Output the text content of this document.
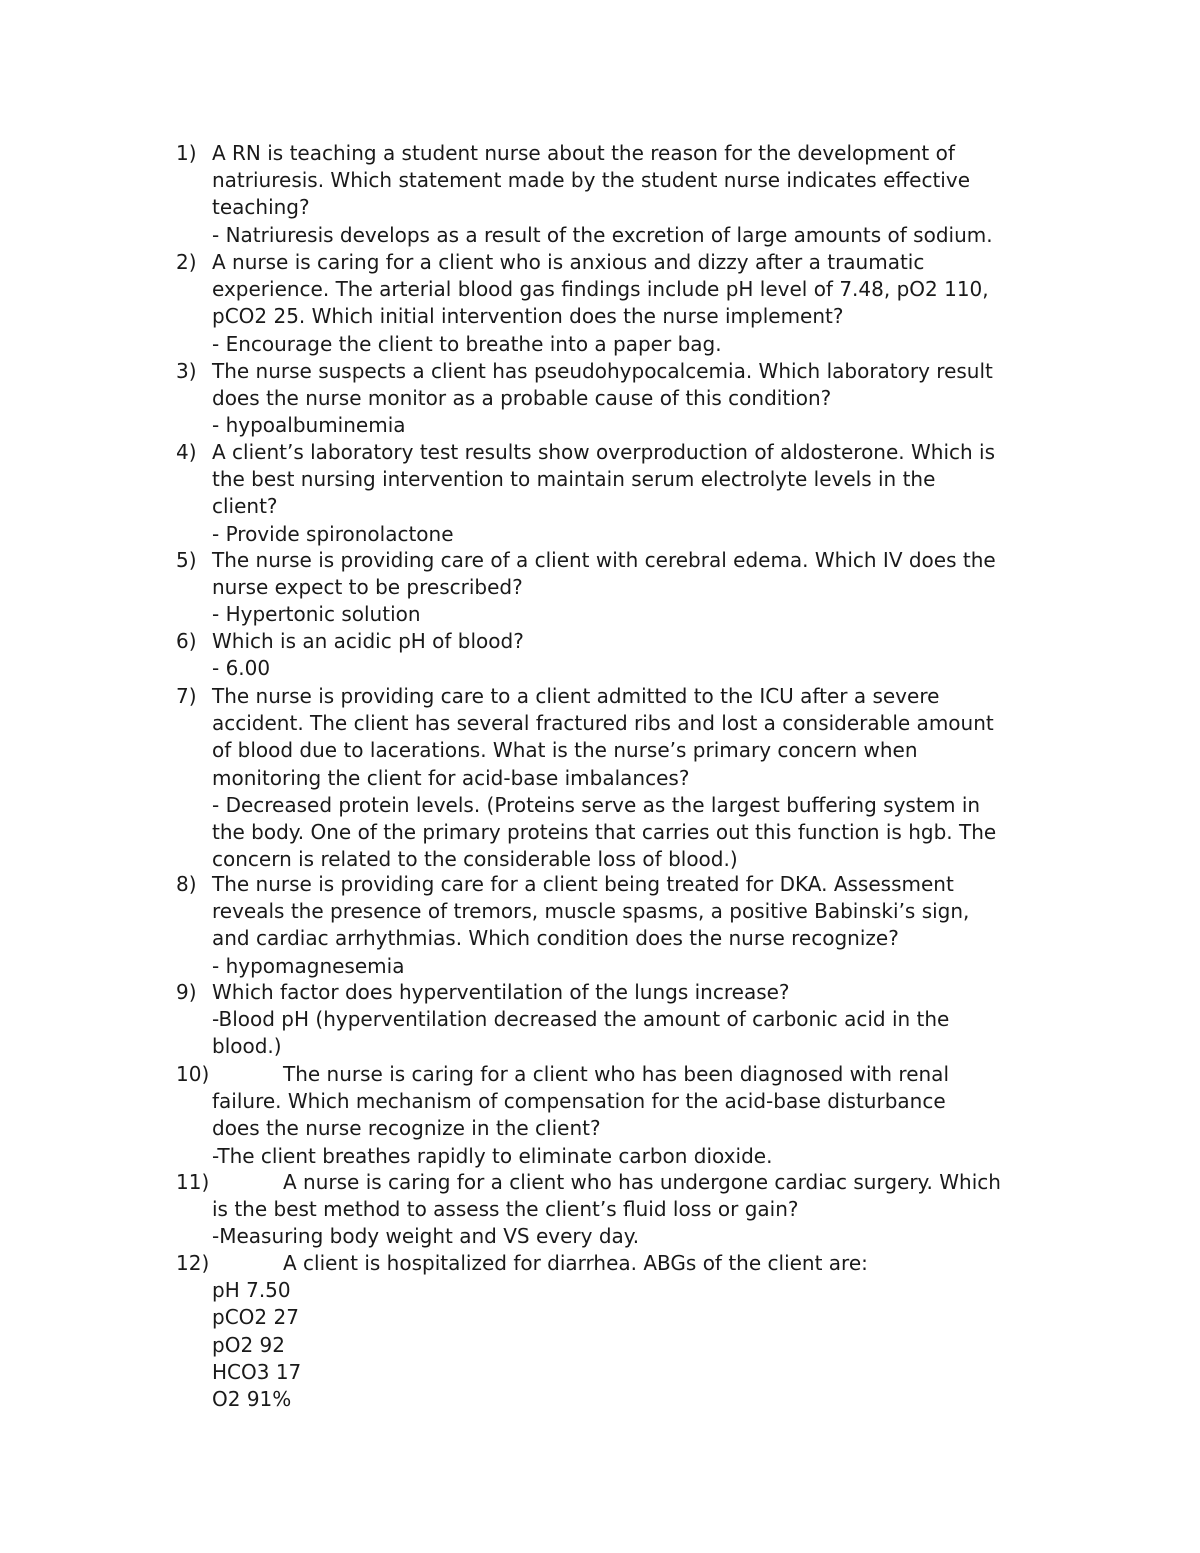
1) A RN is teaching a student nurse about the reason for the development of
natriuresis. Which statement made by the student nurse indicates effective
teaching?
- Natriuresis develops as a result of the excretion of large amounts of sodium.
2) A nurse is caring for a client who is anxious and dizzy after a traumatic
experience. The arterial blood gas findings include pH level of 7.48, pO2 110,
pCO2 25. Which initial intervention does the nurse implement?
- Encourage the client to breathe into a paper bag.
3) The nurse suspects a client has pseudohypocalcemia. Which laboratory result
does the nurse monitor as a probable cause of this condition?
- hypoalbuminemia
4) A client’s laboratory test results show overproduction of aldosterone. Which is
the best nursing intervention to maintain serum electrolyte levels in the
client?
- Provide spironolactone
5) The nurse is providing care of a client with cerebral edema. Which IV does the
nurse expect to be prescribed?
- Hypertonic solution
6) Which is an acidic pH of blood?
- 6.00
7) The nurse is providing care to a client admitted to the ICU after a severe
accident. The client has several fractured ribs and lost a considerable amount
of blood due to lacerations. What is the nurse’s primary concern when
monitoring the client for acid-base imbalances?
- Decreased protein levels. (Proteins serve as the largest buffering system in
the body. One of the primary proteins that carries out this function is hgb. The
concern is related to the considerable loss of blood.)
8) The nurse is providing care for a client being treated for DKA. Assessment
reveals the presence of tremors, muscle spasms, a positive Babinski’s sign,
and cardiac arrhythmias. Which condition does the nurse recognize?
- hypomagnesemia
9) Which factor does hyperventilation of the lungs increase?
-Blood pH (hyperventilation decreased the amount of carbonic acid in the
blood.)
10)	The nurse is caring for a client who has been diagnosed with renal
failure. Which mechanism of compensation for the acid-base disturbance
does the nurse recognize in the client?
-The client breathes rapidly to eliminate carbon dioxide.
11)	A nurse is caring for a client who has undergone cardiac surgery. Which
is the best method to assess the client’s fluid loss or gain?
-Measuring body weight and VS every day.
12)	A client is hospitalized for diarrhea. ABGs of the client are:
pH 7.50
pCO2 27
pO2 92
HCO3 17
O2 91%
